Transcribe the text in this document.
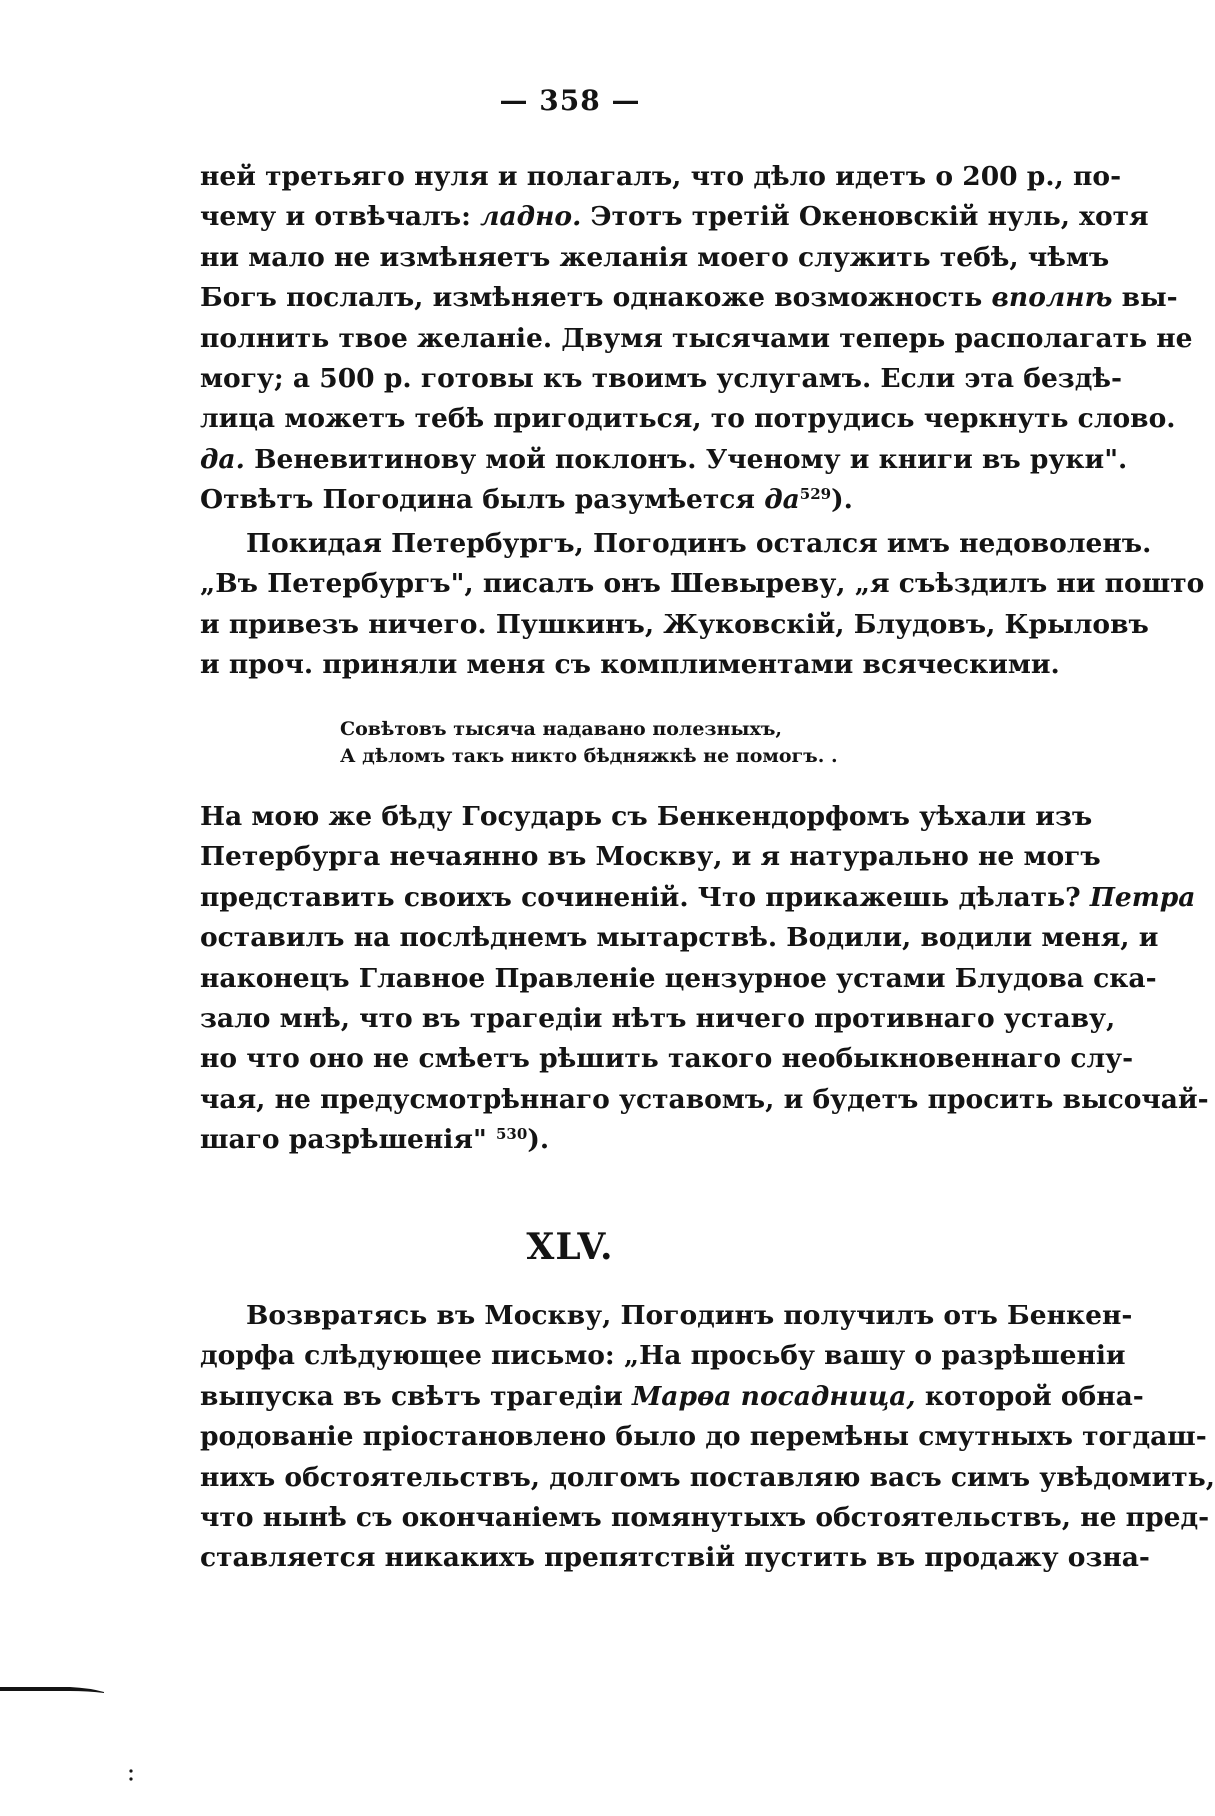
— 358 —
ней третьяго нуля и полагалъ, что дѣло идетъ о 200 р., по-
чему и отвѣчалъ: ладно. Этотъ третій Океновскій нуль, хотя
ни мало не измѣняетъ желанія моего служить тебѣ, чѣмъ
Богъ послалъ, измѣняетъ однакоже возможность вполнѣ вы-
полнить твое желаніе. Двумя тысячами теперь располагать не
могу; а 500 р. готовы къ твоимъ услугамъ. Если эта бездѣ-
лица можетъ тебѣ пригодиться, то потрудись черкнуть слово.
да. Веневитинову мой поклонъ. Ученому и книги въ руки".
Отвѣтъ Погодина былъ разумѣется $да^{529}$).
Покидая Петербургъ, Погодинъ остался имъ недоволенъ.
„Въ Петербургъ", писалъ онъ Шевыреву, „я съѣздилъ ни пошто
и привезъ ничего. Пушкинъ, Жуковскій, Блудовъ, Крыловъ
и проч. приняли меня съ комплиментами всяческими.
Совѣтовъ тысяча надавано полезныхъ,
А дѣломъ такъ никто бѣдняжкѣ не помогъ. .
На мою же бѣду Государь съ Бенкендорфомъ уѣхали изъ
Петербурга нечаянно въ Москву, и я натурально не могъ
представить своихъ сочиненій. Что прикажешь дѣлать? Петра
оставилъ на послѣднемъ мытарствѣ. Водили, водили меня, и
наконецъ Главное Правленіе цензурное устами Блудова ска-
зало мнѣ, что въ трагедіи нѣтъ ничего противнаго уставу,
но что оно не смѣетъ рѣшить такого необыкновеннаго слу-
чая, не предусмотрѣннаго уставомъ, и будетъ просить высочай-
шаго разрѣшенія" $^{530}$).
XLV.
Возвратясь въ Москву, Погодинъ получилъ отъ Бенкен-
дорфа слѣдующее письмо: „На просьбу вашу о разрѣшеніи
выпуска въ свѣтъ трагедіи Марѳа посадница, которой обна-
родованіе пріостановлено было до перемѣны смутныхъ тогдаш-
нихъ обстоятельствъ, долгомъ поставляю васъ симъ увѣдомить,
что нынѣ съ окончаніемъ помянутыхъ обстоятельствъ, не пред-
ставляется никакихъ препятствій пустить въ продажу озна-
